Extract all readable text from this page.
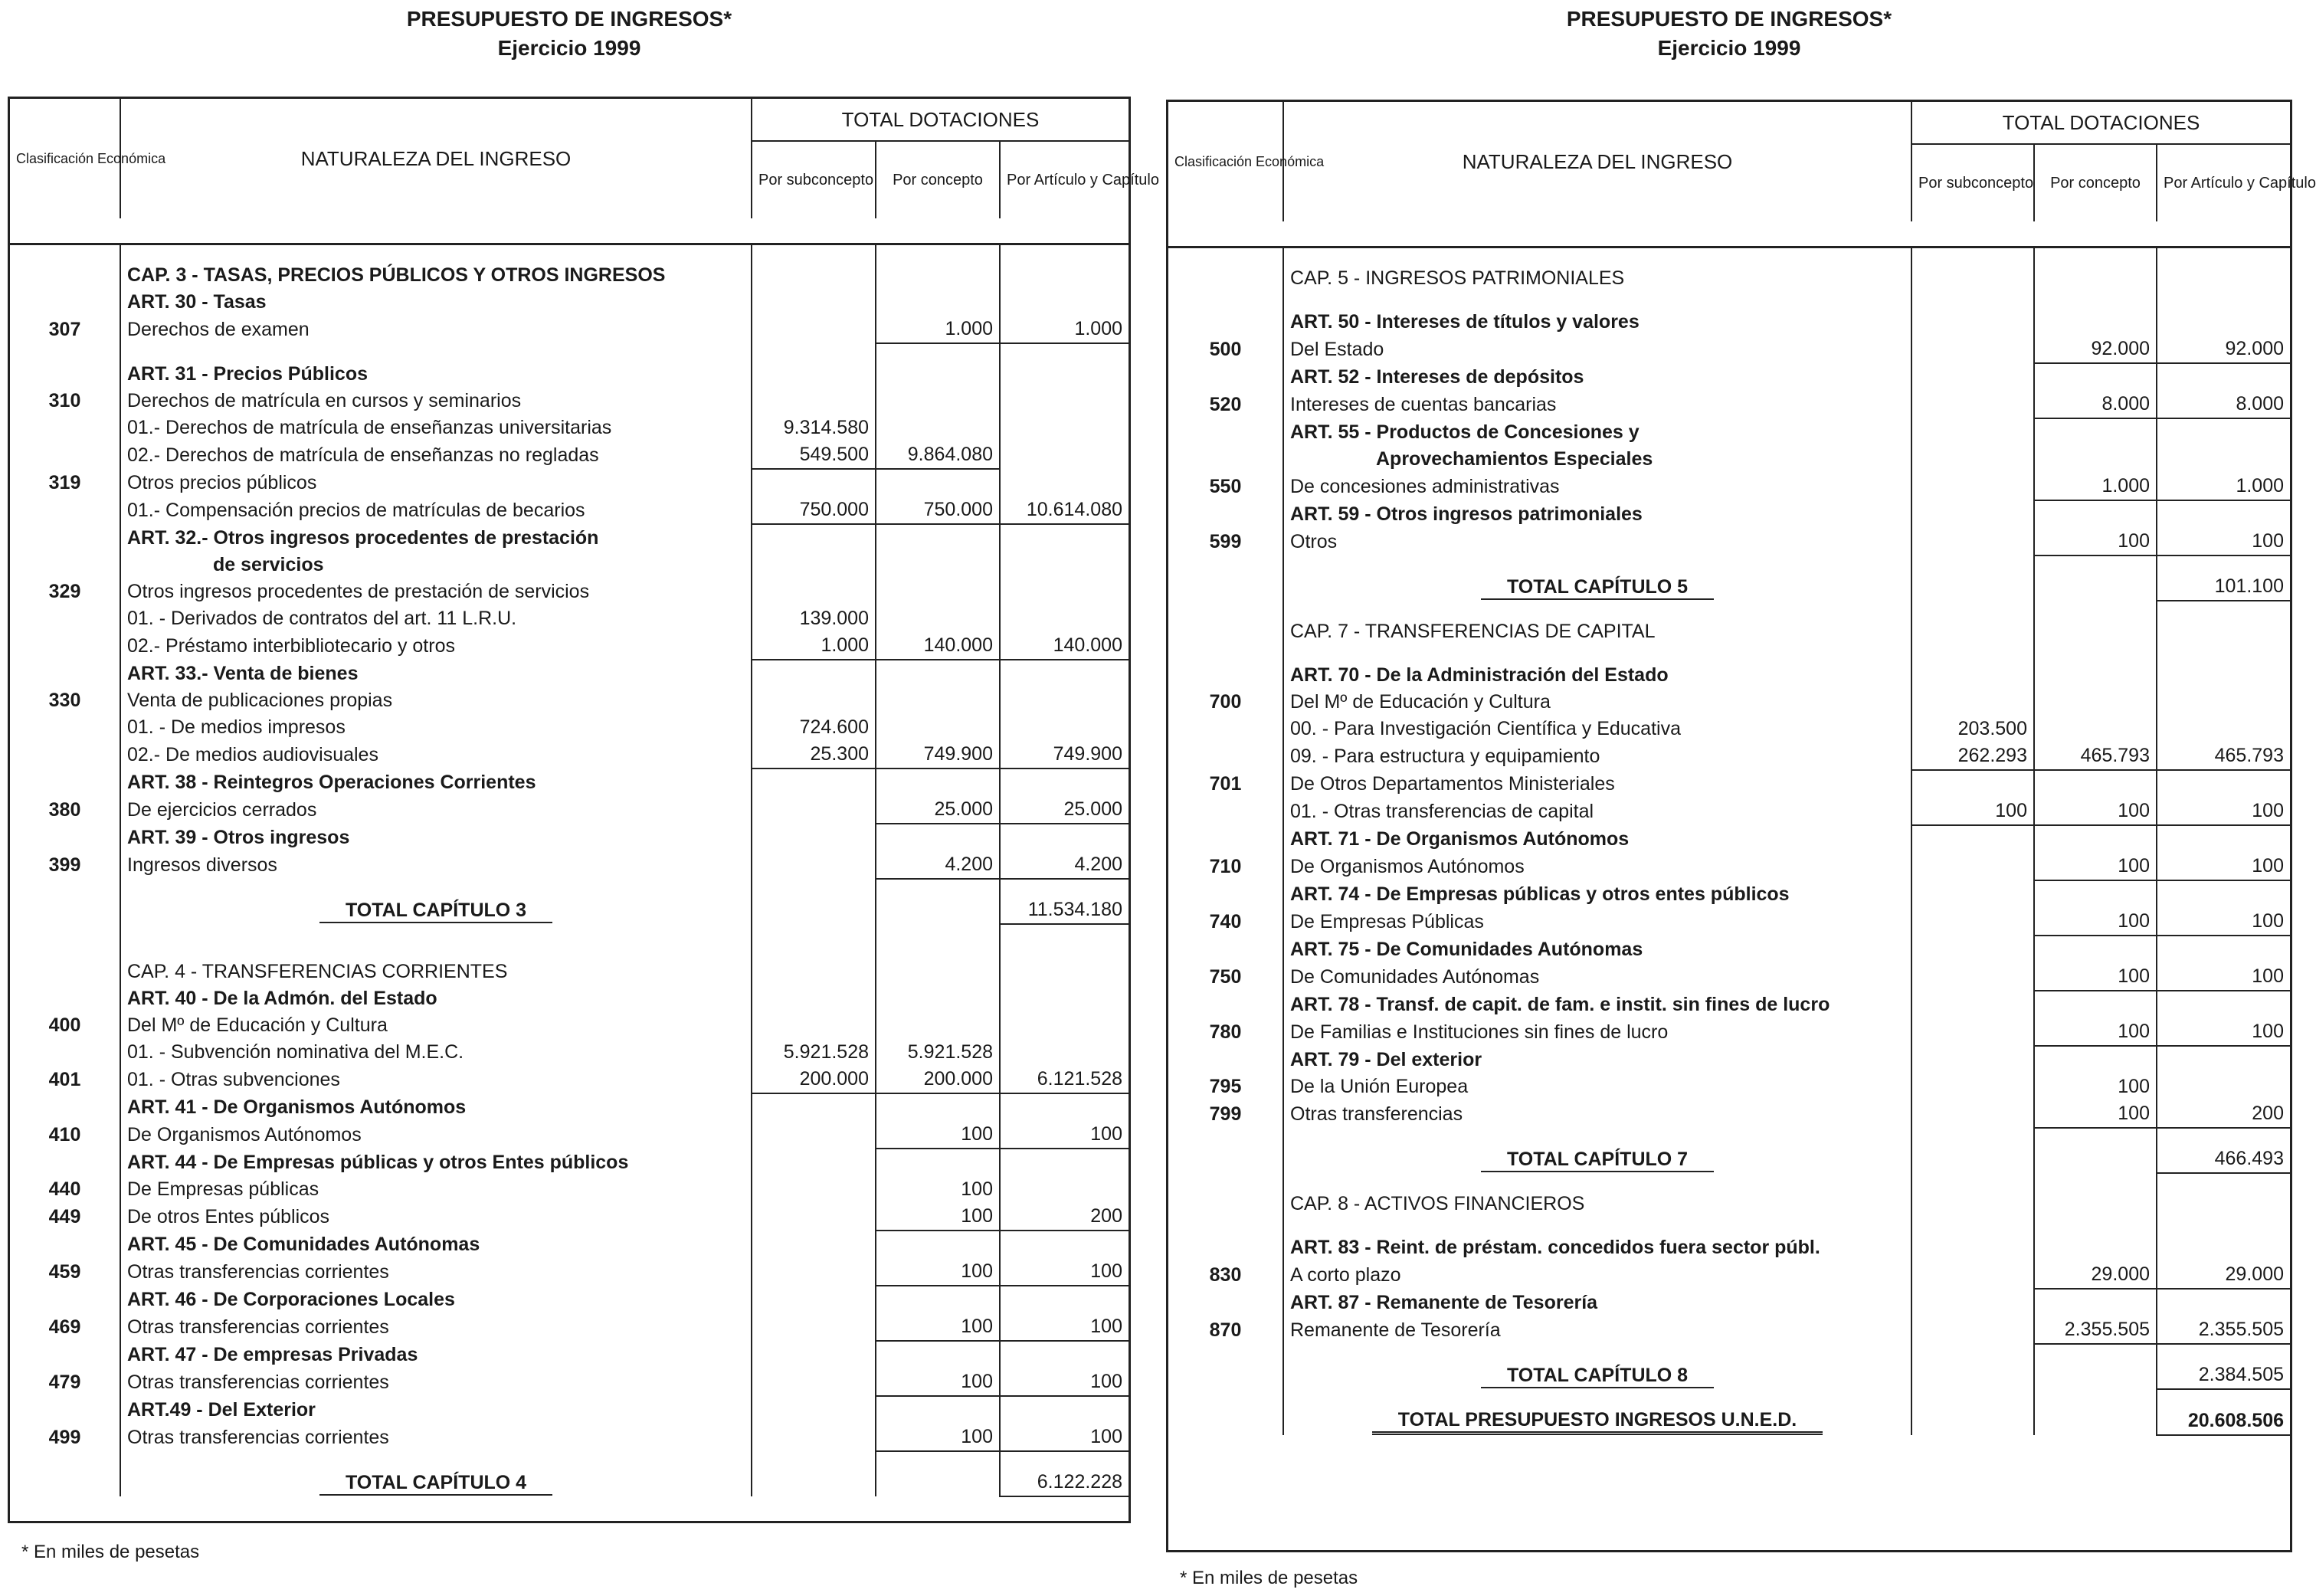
PRESUPUESTO DE INGRESOS*
Ejercicio 1999
Clasificación Económica	NATURALEZA DEL INGRESO	TOTAL DOTACIONES		
		Por subconcepto	Por concepto	Por Artículo y Capítulo

	CAP. 3 - TASAS, PRECIOS PÚBLICOS Y OTROS INGRESOS			
	ART. 30 - Tasas			
307	Derechos de examen		1.000	1.000

	ART. 31 - Precios Públicos			
310	Derechos de matrícula en cursos y seminarios			
	01.- Derechos de matrícula de enseñanzas universitarias	9.314.580		
	02.- Derechos de matrícula de enseñanzas no regladas	549.500	9.864.080	
319	Otros precios públicos			
	01.- Compensación precios de matrículas de becarios	750.000	750.000	10.614.080
	ART. 32.- Otros ingresos procedentes de prestación			
	de servicios			
329	Otros ingresos procedentes de prestación de servicios			
	01. - Derivados de contratos del art. 11 L.R.U.	139.000		
	02.- Préstamo interbibliotecario y otros	1.000	140.000	140.000
	ART. 33.- Venta de bienes			
330	Venta de publicaciones propias			
	01. - De medios impresos	724.600		
	02.- De medios audiovisuales	25.300	749.900	749.900
	ART. 38 - Reintegros Operaciones Corrientes			
380	De ejercicios cerrados		25.000	25.000
	ART. 39 - Otros ingresos			
399	Ingresos diversos		4.200	4.200

	TOTAL CAPÍTULO 3			11.534.180

	CAP. 4 - TRANSFERENCIAS CORRIENTES			
	ART. 40 - De la Admón. del Estado			
400	Del Mº de Educación y Cultura			
	01. - Subvención nominativa del M.E.C.	5.921.528	5.921.528	
401	01. - Otras subvenciones	200.000	200.000	6.121.528
	ART. 41 - De Organismos Autónomos			
410	De Organismos Autónomos		100	100
	ART. 44 - De Empresas públicas y otros Entes públicos			
440	De Empresas públicas		100	
449	De otros Entes públicos		100	200
	ART. 45 - De Comunidades Autónomas			
459	Otras transferencias corrientes		100	100
	ART. 46 - De Corporaciones Locales			
469	Otras transferencias corrientes		100	100
	ART. 47 - De empresas Privadas			
479	Otras transferencias corrientes		100	100
	ART.49 - Del Exterior			
499	Otras transferencias corrientes		100	100

	TOTAL CAPÍTULO 4			6.122.228
* En miles de pesetas
PRESUPUESTO DE INGRESOS*
Ejercicio 1999
Clasificación Económica	NATURALEZA DEL INGRESO	TOTAL DOTACIONES		
		Por subconcepto	Por concepto	Por Artículo y Capítulo

	CAP. 5 - INGRESOS PATRIMONIALES			

	ART. 50 - Intereses de títulos y valores			
500	Del Estado		92.000	92.000
	ART. 52 - Intereses de depósitos			
520	Intereses de cuentas bancarias		8.000	8.000
	ART. 55 - Productos de Concesiones y			
	Aprovechamientos Especiales			
550	De concesiones administrativas		1.000	1.000
	ART. 59 - Otros ingresos patrimoniales			
599	Otros		100	100

	TOTAL CAPÍTULO 5			101.100

	CAP. 7 - TRANSFERENCIAS DE CAPITAL			

	ART. 70 - De la Administración del Estado			
700	Del Mº de Educación y Cultura			
	00. - Para Investigación Científica y Educativa	203.500		
	09. - Para estructura y equipamiento	262.293	465.793	465.793
701	De Otros Departamentos Ministeriales			
	01. - Otras transferencias de capital	100	100	100
	ART. 71 - De Organismos Autónomos			
710	De Organismos Autónomos		100	100
	ART. 74 - De Empresas públicas y otros entes públicos			
740	De Empresas Públicas		100	100
	ART. 75 - De Comunidades Autónomas			
750	De Comunidades Autónomas		100	100
	ART. 78 - Transf. de capit. de fam. e instit. sin fines de lucro			
780	De Familias e Instituciones sin fines de lucro		100	100
	ART. 79 - Del exterior			
795	De la Unión Europea		100	
799	Otras transferencias		100	200

	TOTAL CAPÍTULO 7			466.493

	CAP. 8 - ACTIVOS FINANCIEROS			

	ART. 83 - Reint. de préstam. concedidos fuera sector públ.			
830	A corto plazo		29.000	29.000
	ART. 87 - Remanente de Tesorería			
870	Remanente de Tesorería		2.355.505	2.355.505

	TOTAL CAPÍTULO 8			2.384.505

	TOTAL PRESUPUESTO INGRESOS U.N.E.D.			20.608.506
* En miles de pesetas
